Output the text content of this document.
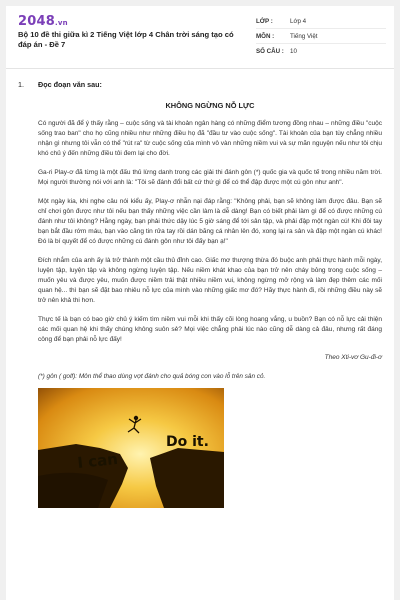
2048.vn
Bộ 10 đề thi giữa kì 2 Tiếng Việt lớp 4 Chân trời sáng tạo có đáp án - Đề 7
LỚP :	Lớp 4
MÔN :	Tiếng Việt
SỐ CÂU : 10
1.	Đọc đoạn văn sau:
KHÔNG NGỪNG NỖ LỰC
Có người đã để ý thấy rằng – cuộc sống và tài khoản ngân hàng có những điểm tương đồng nhau – những điều "cuộc sống trao ban" cho họ cũng nhiều như những điều họ đã "đầu tư vào cuộc sống". Tài khoản của bạn tùy chẳng nhiều nhận gì nhưng tôi vẫn có thể "rút ra" từ cuộc sống của mình vô vàn những niềm vui và sự mãn nguyện nếu như tôi chịu khó chủ ý đến những điều tôi đem lại cho đời.
Ga-ri Play-ơ đã từng là một đấu thủ lừng danh trong các giải thi đánh gôn (*) quốc gia và quốc tế trong nhiều năm trời. Mọi người thường nói với anh là: "Tôi sẽ đánh đổi bất cứ thứ gì để có thể đập được một cú gôn như anh".
Một ngày kia, khi nghe câu nói kiểu ấy, Play-ơ nhẫn nại đáp rằng: "Không phải, bạn sẽ không làm được đâu. Bạn sẽ chỉ chơi gôn được như tôi nếu bạn thấy những việc cần làm là dễ dàng! Bạn có biết phải làm gì để có được những cú đánh như tôi không? Hằng ngày, bạn phải thức dậy lúc 5 giờ sáng để tới sân tập, và phải đập một ngàn cú! Khi đôi tay bạn bắt đầu rớm máu, bạn vào căng tin rửa tay rồi dán băng cá nhân lên đó, xong lại ra sân và đập một ngàn cú khác! Đó là bí quyết để có được những cú đánh gôn như tôi đấy bạn ạ!"
Đích nhắm của anh ấy là trở thành một cầu thủ đỉnh cao. Giấc mơ thượng thừa đó buộc anh phải thực hành mỗi ngày, luyện tập, luyện tập và không ngừng luyện tập. Nếu niềm khát khao của bạn trở nên cháy bỏng trong cuộc sống – muốn yêu và được yêu, muốn được niềm trải thật nhiều niềm vui, không ngừng mở rộng và làm đẹp thêm các mối quan hệ... thì bạn sẽ đặt bao nhiêu nỗ lực của mình vào những giấc mơ đó? Hãy thực hành đi, rồi những điều này sẽ trở nên khả thi hơn.
Thực tế là bạn có bao giờ chủ ý kiếm tìm niềm vui mỗi khi thấy cõi lòng hoang vắng, u buồn? Bạn có nỗ lực cải thiện các mối quan hệ khi thấy chúng không suôn sẻ? Mọi việc chẳng phải lúc nào cũng dễ dàng cả đâu, nhưng rất đáng công để bạn phải nỗ lực đấy!
Theo Xti-vơ Gu-đi-ơ
(*) gôn ( golf): Môn thể thao dùng vợt đánh cho quả bóng con vào lỗ trên sân cỏ.
I can
Do it.
